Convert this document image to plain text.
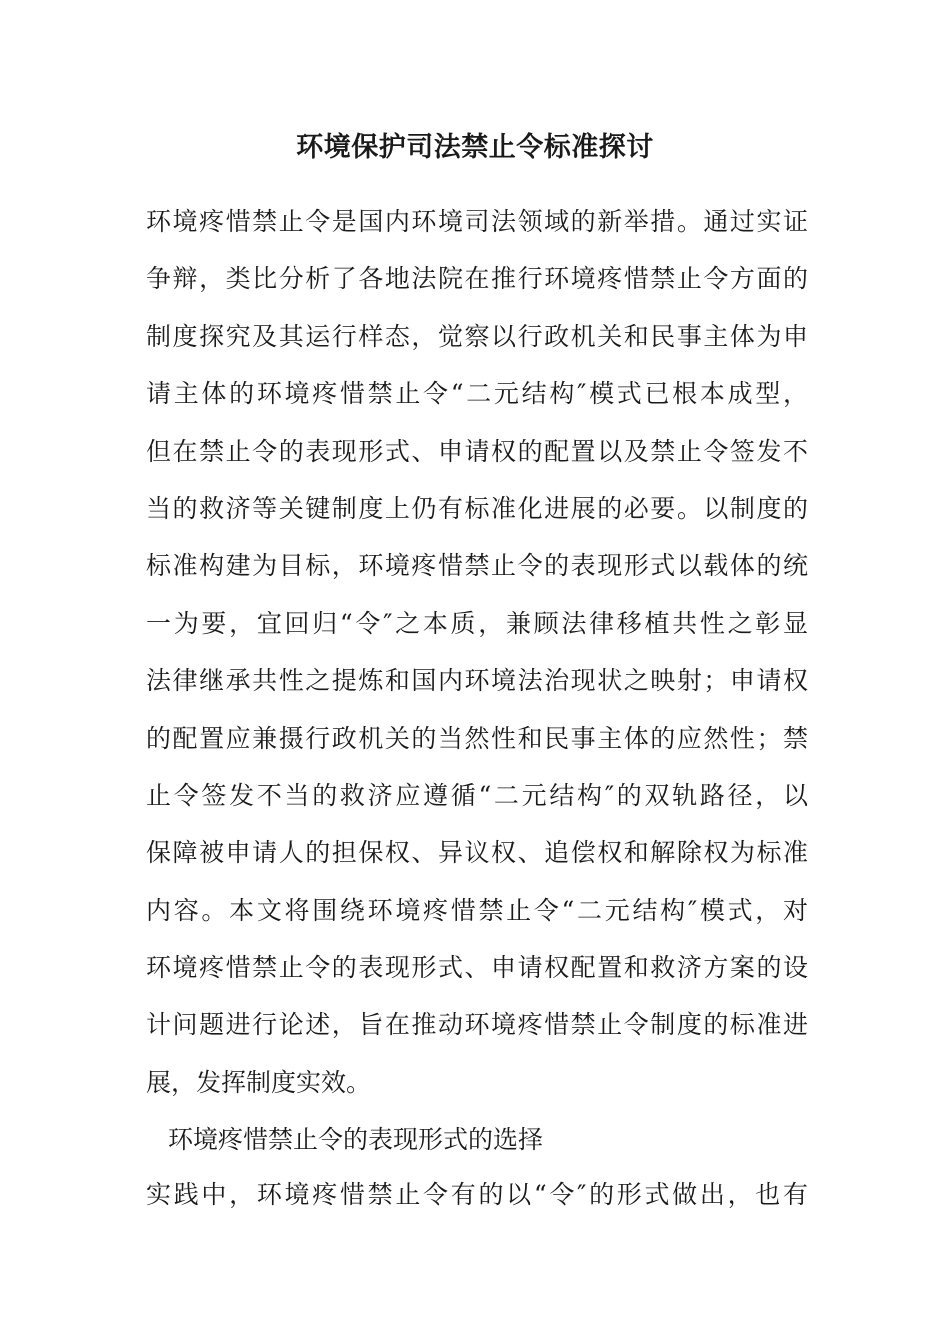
环境保护司法禁止令标准探讨
环境疼惜禁止令是国内环境司法领域的新举措。通过实证
争辩，类比分析了各地法院在推行环境疼惜禁止令方面的
制度探究及其运行样态，觉察以行政机关和民事主体为申
请主体的环境疼惜禁止令“二元结构″模式已根本成型，
但在禁止令的表现形式、申请权的配置以及禁止令签发不
当的救济等关键制度上仍有标准化进展的必要。以制度的
标准构建为目标，环境疼惜禁止令的表现形式以载体的统
一为要，宜回归“令″之本质，兼顾法律移植共性之彰显
法律继承共性之提炼和国内环境法治现状之映射；申请权
的配置应兼摄行政机关的当然性和民事主体的应然性；禁
止令签发不当的救济应遵循“二元结构″的双轨路径，以
保障被申请人的担保权、异议权、追偿权和解除权为标准
内容。本文将围绕环境疼惜禁止令“二元结构″模式，对
环境疼惜禁止令的表现形式、申请权配置和救济方案的设
计问题进行论述，旨在推动环境疼惜禁止令制度的标准进
展，发挥制度实效。
环境疼惜禁止令的表现形式的选择
实践中，环境疼惜禁止令有的以“令″的形式做出，也有
